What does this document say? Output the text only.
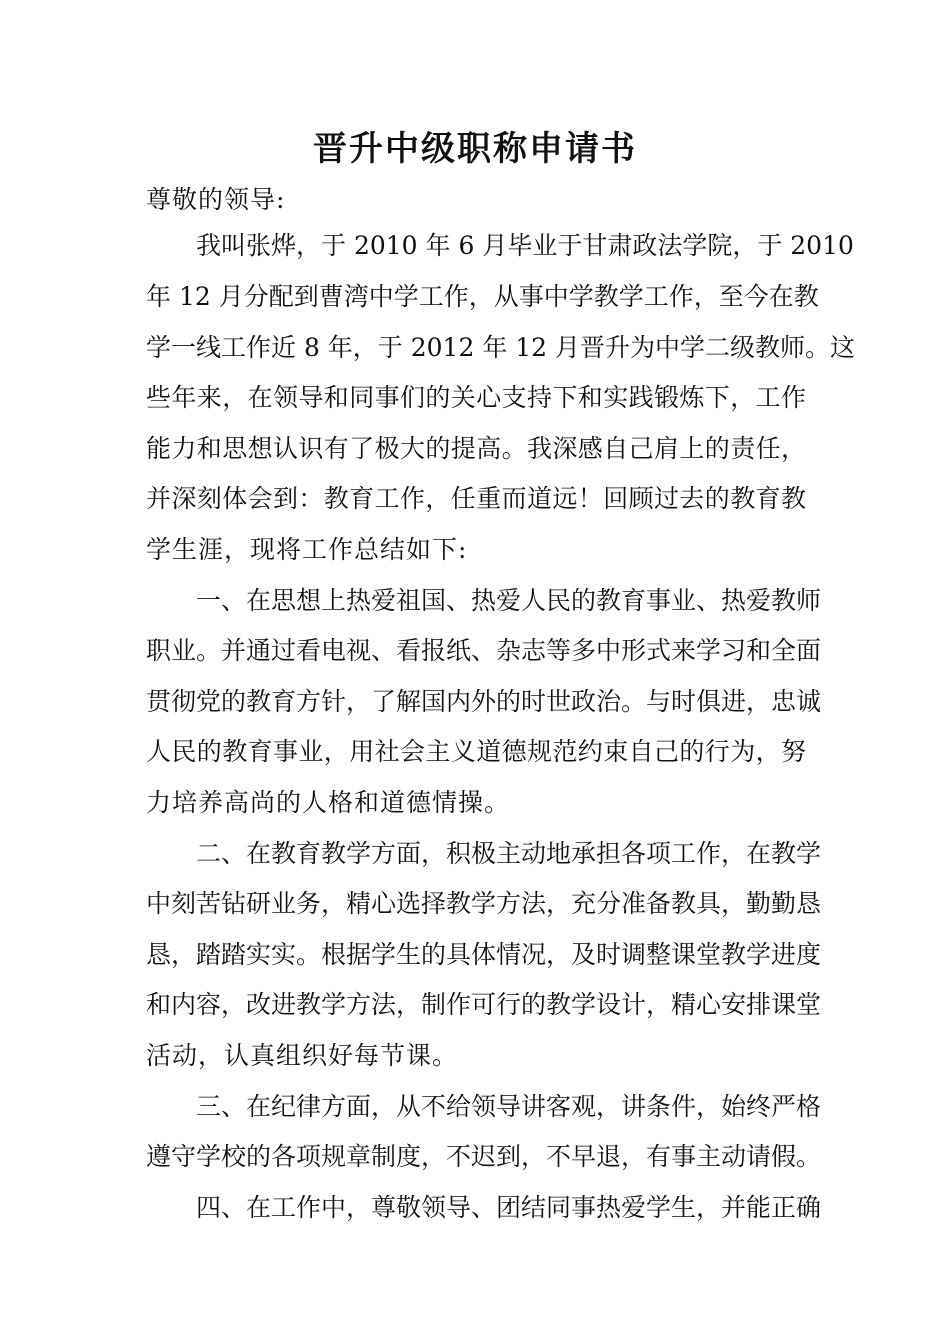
晋升中级职称申请书
尊敬的领导:
我叫张烨，于 2010 年 6 月毕业于甘肃政法学院，于 2010
年 12 月分配到曹湾中学工作，从事中学教学工作，至今在教
学一线工作近 8 年，于 2012 年 12 月晋升为中学二级教师。这
些年来，在领导和同事们的关心支持下和实践锻炼下，工作
能力和思想认识有了极大的提高。我深感自己肩上的责任，
并深刻体会到：教育工作，任重而道远！回顾过去的教育教
学生涯，现将工作总结如下:
一、在思想上热爱祖国、热爱人民的教育事业、热爱教师
职业。并通过看电视、看报纸、杂志等多中形式来学习和全面
贯彻党的教育方针，了解国内外的时世政治。与时俱进，忠诚
人民的教育事业，用社会主义道德规范约束自己的行为，努
力培养高尚的人格和道德情操。
二、在教育教学方面，积极主动地承担各项工作，在教学
中刻苦钻研业务，精心选择教学方法，充分准备教具，勤勤恳
恳，踏踏实实。根据学生的具体情况，及时调整课堂教学进度
和内容，改进教学方法，制作可行的教学设计，精心安排课堂
活动，认真组织好每节课。
三、在纪律方面，从不给领导讲客观，讲条件，始终严格
遵守学校的各项规章制度，不迟到，不早退，有事主动请假。
四、在工作中，尊敬领导、团结同事热爱学生，并能正确
